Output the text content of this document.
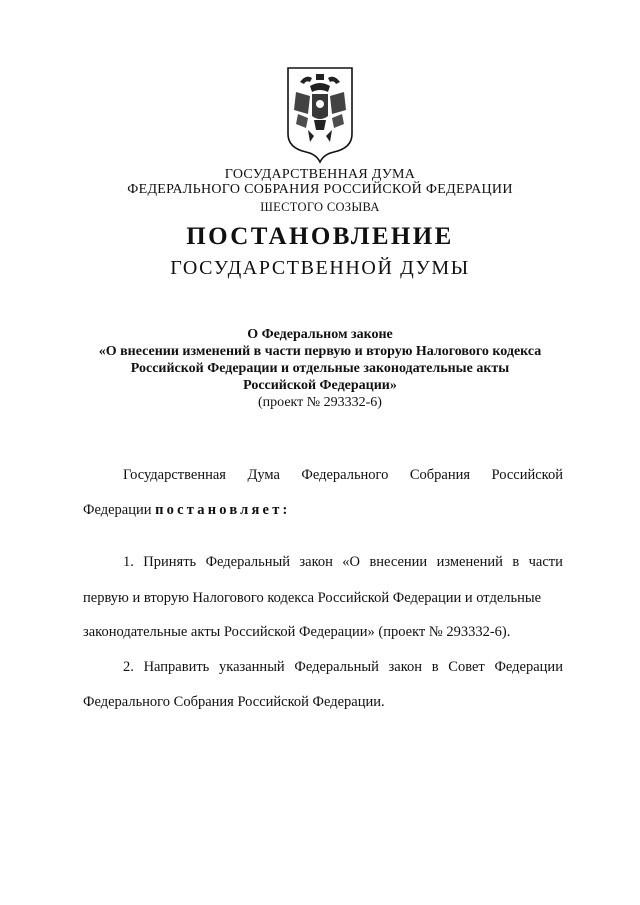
ГОСУДАРСТВЕННАЯ ДУМА
ФЕДЕРАЛЬНОГО СОБРАНИЯ РОССИЙСКОЙ ФЕДЕРАЦИИ
ШЕСТОГО СОЗЫВА
ПОСТАНОВЛЕНИЕ
ГОСУДАРСТВЕННОЙ ДУМЫ
О Федеральном законе
«О внесении изменений в части первую и вторую Налогового кодекса
Российской Федерации и отдельные законодательные акты
Российской Федерации»
(проект № 293332-6)
Государственная Дума Федерального Собрания Российской
Федерации постановляет:
1. Принять Федеральный закон «О внесении изменений в части
первую и вторую Налогового кодекса Российской Федерации и отдельные
законодательные акты Российской Федерации» (проект № 293332-6).
2. Направить указанный Федеральный закон в Совет Федерации
Федерального Собрания Российской Федерации.
